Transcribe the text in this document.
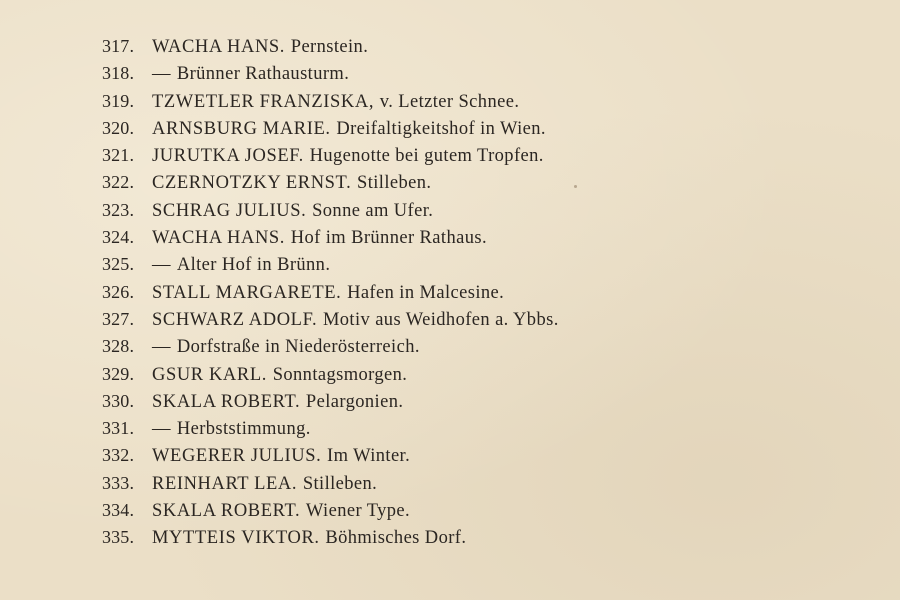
317. WACHA HANS. Pernstein.
318. — Brünner Rathausturm.
319. TZWETLER FRANZISKA, v. Letzter Schnee.
320. ARNSBURG MARIE. Dreifaltigkeitshof in Wien.
321. JURUTKA JOSEF. Hugenotte bei gutem Tropfen.
322. CZERNOTZKY ERNST. Stilleben.
323. SCHRAG JULIUS. Sonne am Ufer.
324. WACHA HANS. Hof im Brünner Rathaus.
325. — Alter Hof in Brünn.
326. STALL MARGARETE. Hafen in Malcesine.
327. SCHWARZ ADOLF. Motiv aus Weidhofen a. Ybbs.
328. — Dorfstraße in Niederösterreich.
329. GSUR KARL. Sonntagsmorgen.
330. SKALA ROBERT. Pelargonien.
331. — Herbststimmung.
332. WEGERER JULIUS. Im Winter.
333. REINHART LEA. Stilleben.
334. SKALA ROBERT. Wiener Type.
335. MYTTEIS VIKTOR. Böhmisches Dorf.
